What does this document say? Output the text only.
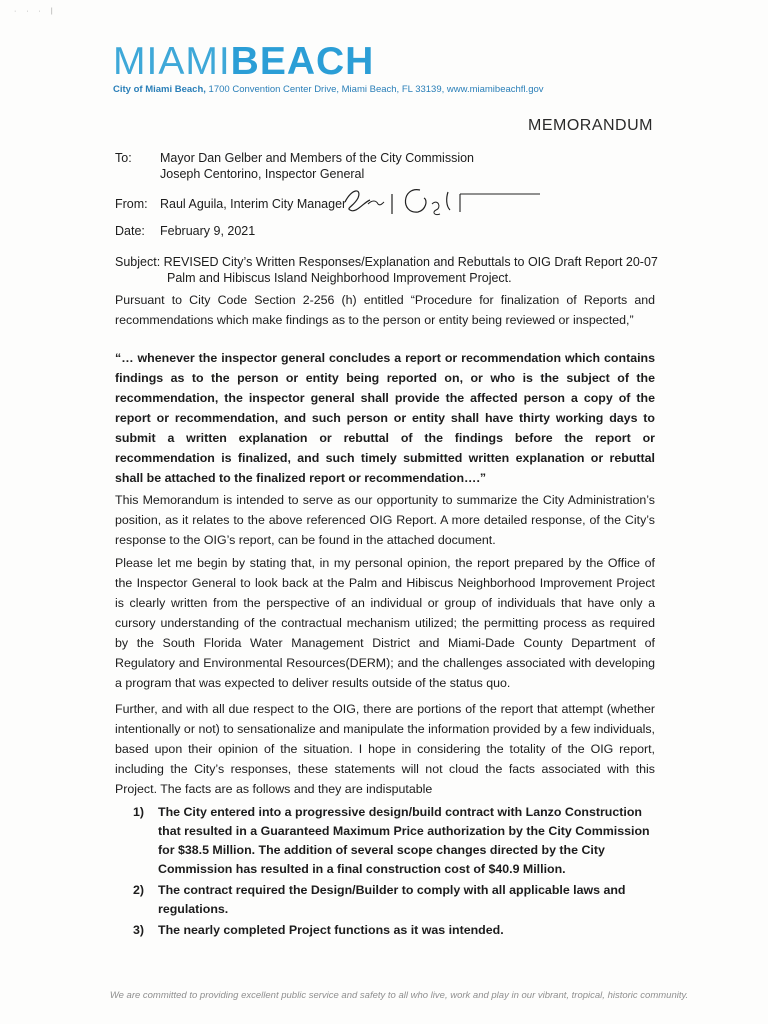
· · · |
MIAMIBEACH
City of Miami Beach, 1700 Convention Center Drive, Miami Beach, FL 33139, www.miamibeachfl.gov
MEMORANDUM
To: Mayor Dan Gelber and Members of the City Commission
Joseph Centorino, Inspector General
From: Raul Aguila, Interim City Manager
Date: February 9, 2021
Subject: REVISED City’s Written Responses/Explanation and Rebuttals to OIG Draft Report 20-07
Palm and Hibiscus Island Neighborhood Improvement Project.
Pursuant to City Code Section 2-256 (h) entitled “Procedure for finalization of Reports and recommendations which make findings as to the person or entity being reviewed or inspected,”
“… whenever the inspector general concludes a report or recommendation which contains findings as to the person or entity being reported on, or who is the subject of the recommendation, the inspector general shall provide the affected person a copy of the report or recommendation, and such person or entity shall have thirty working days to submit a written explanation or rebuttal of the findings before the report or recommendation is finalized, and such timely submitted written explanation or rebuttal shall be attached to the finalized report or recommendation….”
This Memorandum is intended to serve as our opportunity to summarize the City Administration’s position, as it relates to the above referenced OIG Report. A more detailed response, of the City’s response to the OIG’s report, can be found in the attached document.
Please let me begin by stating that, in my personal opinion, the report prepared by the Office of the Inspector General to look back at the Palm and Hibiscus Neighborhood Improvement Project is clearly written from the perspective of an individual or group of individuals that have only a cursory understanding of the contractual mechanism utilized; the permitting process as required by the South Florida Water Management District and Miami-Dade County Department of Regulatory and Environmental Resources(DERM); and the challenges associated with developing a program that was expected to deliver results outside of the status quo.
Further, and with all due respect to the OIG, there are portions of the report that attempt (whether intentionally or not) to sensationalize and manipulate the information provided by a few individuals, based upon their opinion of the situation. I hope in considering the totality of the OIG report, including the City’s responses, these statements will not cloud the facts associated with this Project. The facts are as follows and they are indisputable
1) The City entered into a progressive design/build contract with Lanzo Construction that resulted in a Guaranteed Maximum Price authorization by the City Commission for $38.5 Million. The addition of several scope changes directed by the City Commission has resulted in a final construction cost of $40.9 Million.
2) The contract required the Design/Builder to comply with all applicable laws and regulations.
3) The nearly completed Project functions as it was intended.
We are committed to providing excellent public service and safety to all who live, work and play in our vibrant, tropical, historic community.
